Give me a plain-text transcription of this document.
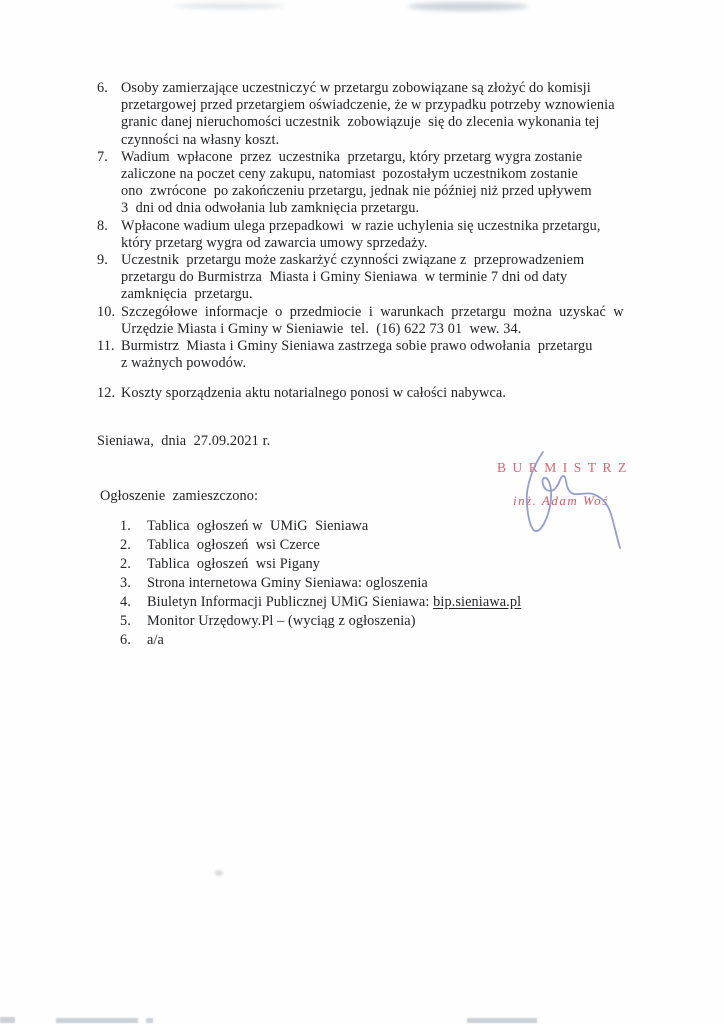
6. Osoby zamierzające uczestniczyć w przetargu zobowiązane są złożyć do komisji
przetargowej przed przetargiem oświadczenie, że w przypadku potrzeby wznowienia
granic danej nieruchomości uczestnik  zobowiązuje  się do zlecenia wykonania tej
czynności na własny koszt.
7. Wadium  wpłacone  przez  uczestnika  przetargu, który przetarg wygra zostanie
zaliczone na poczet ceny zakupu, natomiast  pozostałym uczestnikom zostanie
ono  zwrócone  po zakończeniu przetargu, jednak nie później niż przed upływem
3  dni od dnia odwołania lub zamknięcia przetargu.
8. Wpłacone wadium ulega przepadkowi  w razie uchylenia się uczestnika przetargu,
który przetarg wygra od zawarcia umowy sprzedaży.
9. Uczestnik  przetargu może zaskarżyć czynności związane z  przeprowadzeniem
przetargu do Burmistrza  Miasta i Gminy Sieniawa  w terminie 7 dni od daty
zamknięcia  przetargu.
10. Szczegółowe  informacje  o  przedmiocie  i  warunkach  przetargu  można  uzyskać  w
Urzędzie Miasta i Gminy w Sieniawie  tel.  (16) 622 73 01  wew. 34.
11. Burmistrz  Miasta i Gminy Sieniawa zastrzega sobie prawo odwołania  przetargu
z ważnych powodów.
12. Koszty sporządzenia aktu notarialnego ponosi w całości nabywca.
Sieniawa,  dnia  27.09.2021 r.
Ogłoszenie  zamieszczono:
1.	Tablica  ogłoszeń w  UMiG  Sieniawa
2.	Tablica  ogłoszeń  wsi Czerce
2.	Tablica  ogłoszeń  wsi Pigany
3.	Strona internetowa Gminy Sieniawa: ogloszenia
4.	Biuletyn Informacji Publicznej UMiG Sieniawa: bip.sieniawa.pl
5.	Monitor Urzędowy.Pl – (wyciąg z ogłoszenia)
6.	a/a
BURMISTRZ
inż. Adam Woś
